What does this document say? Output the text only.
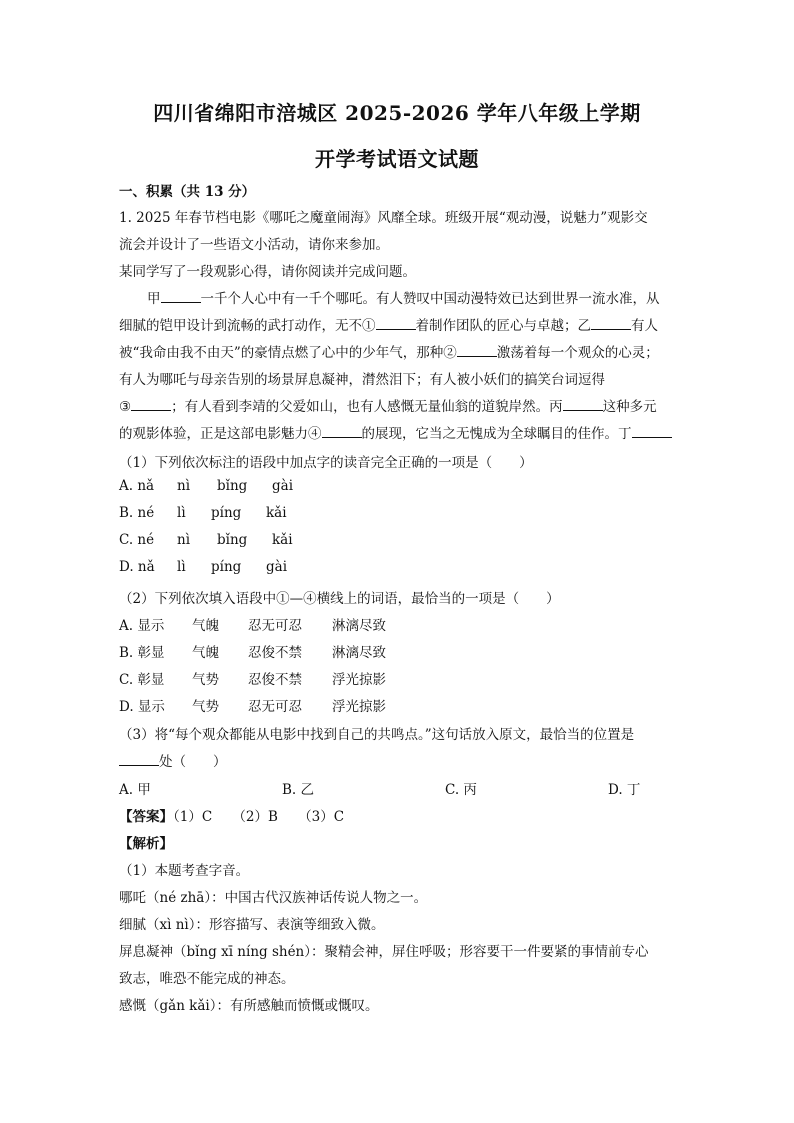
四川省绵阳市涪城区 2025-2026 学年八年级上学期
开学考试语文试题
一、积累（共 13 分）
1. 2025 年春节档电影《哪吒之魔童闹海》风靡全球。班级开展“观动漫，说魅力”观影交
流会并设计了一些语文小活动，请你来参加。
某同学写了一段观影心得，请你阅读并完成问题。
甲	一千个人心中有一千个哪吒。有人赞叹中国动漫特效已达到世界一流水准，从
细腻的铠甲设计到流畅的武打动作，无不①	着制作团队的匠心与卓越；乙	有人
被“我命由我不由天”的豪情点燃了心中的少年气，那种②	激荡着每一个观众的心灵；
有人为哪吒与母亲告别的场景屏息凝神，潸然泪下；有人被小妖们的搞笑台词逗得
③	；有人看到李靖的父爱如山，也有人感慨无量仙翁的道貌岸然。丙	这种多元
的观影体验，正是这部电影魅力④	的展现，它当之无愧成为全球瞩目的佳作。丁
（1）下列依次标注的语段中加点字的读音完全正确的一项是（　　）
A. nǎ nì bǐng gài
B. né lì píng kǎi
C. né nì bǐng kǎi
D. nǎ lì píng gài
（2）下列依次填入语段中①—④横线上的词语，最恰当的一项是（　　）
A. 显示 气魄 忍无可忍 淋漓尽致
B. 彰显 气魄 忍俊不禁 淋漓尽致
C. 彰显 气势 忍俊不禁 浮光掠影
D. 显示 气势 忍无可忍 浮光掠影
（3）将“每个观众都能从电影中找到自己的共鸣点。”这句话放入原文，最恰当的位置是
处（　　）
A. 甲	B. 乙	C. 丙	D. 丁
【答案】（1）C　　（2）B　　（3）C
【解析】
（1）本题考查字音。
哪吒（né zhā）：中国古代汉族神话传说人物之一。
细腻（xì nì）：形容描写、表演等细致入微。
屏息凝神（bǐng xī níng shén）：聚精会神，屏住呼吸；形容要干一件要紧的事情前专心
致志，唯恐不能完成的神态。
感慨（gǎn kǎi）：有所感触而愤慨或慨叹。
